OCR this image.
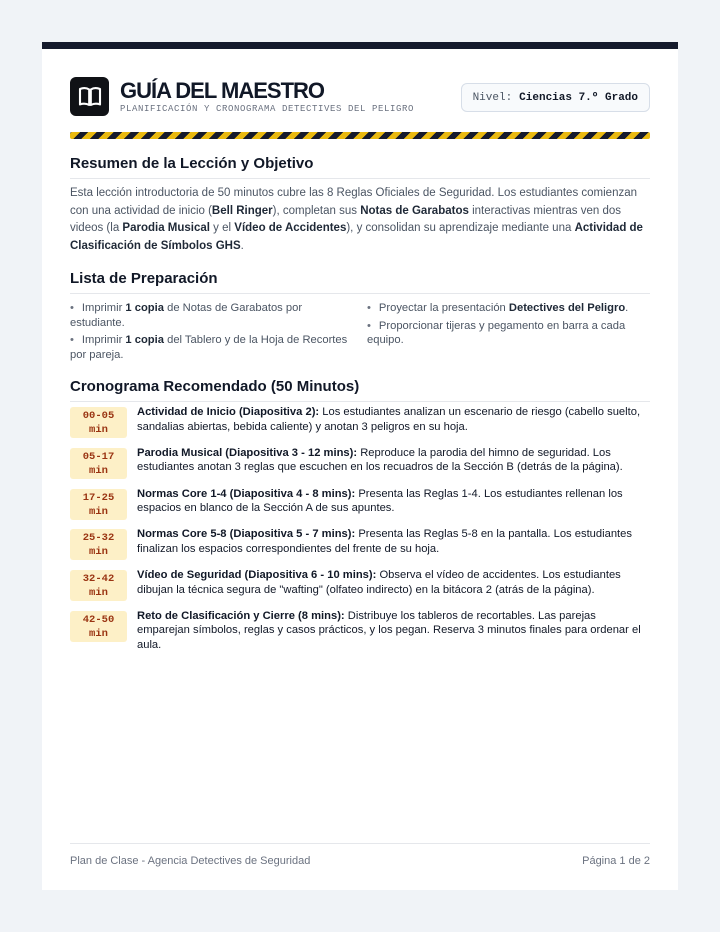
GUÍA DEL MAESTRO
PLANIFICACIÓN Y CRONOGRAMA DETECTIVES DEL PELIGRO
Nivel: Ciencias 7.º Grado
Resumen de la Lección y Objetivo

Esta lección introductoria de 50 minutos cubre las 8 Reglas Oficiales de Seguridad. Los estudiantes comienzan con una actividad de inicio (Bell Ringer), completan sus Notas de Garabatos interactivas mientras ven dos videos (la Parodia Musical y el Vídeo de Accidentes), y consolidan su aprendizaje mediante una Actividad de Clasificación de Símbolos GHS.

Lista de Preparación
• Imprimir 1 copia de Notas de Garabatos por estudiante.
• Imprimir 1 copia del Tablero y de la Hoja de Recortes por pareja.
• Proyectar la presentación Detectives del Peligro.
• Proporcionar tijeras y pegamento en barra a cada equipo.
Cronograma Recomendado (50 Minutos)
00-05
min
Actividad de Inicio (Diapositiva 2): Los estudiantes analizan un escenario de riesgo (cabello suelto, sandalias abiertas, bebida caliente) y anotan 3 peligros en su hoja.
05-17
min
Parodia Musical (Diapositiva 3 - 12 mins): Reproduce la parodia del himno de seguridad. Los estudiantes anotan 3 reglas que escuchen en los recuadros de la Sección B (detrás de la página).
17-25
min
Normas Core 1-4 (Diapositiva 4 - 8 mins): Presenta las Reglas 1-4. Los estudiantes rellenan los espacios en blanco de la Sección A de sus apuntes.
25-32
min
Normas Core 5-8 (Diapositiva 5 - 7 mins): Presenta las Reglas 5-8 en la pantalla. Los estudiantes finalizan los espacios correspondientes del frente de su hoja.
32-42
min
Vídeo de Seguridad (Diapositiva 6 - 10 mins): Observa el vídeo de accidentes. Los estudiantes dibujan la técnica segura de "wafting" (olfateo indirecto) en la bitácora 2 (atrás de la página).
42-50
min
Reto de Clasificación y Cierre (8 mins): Distribuye los tableros de recortables. Las parejas emparejan símbolos, reglas y casos prácticos, y los pegan. Reserva 3 minutos finales para ordenar el aula.
Plan de Clase - Agencia Detectives de Seguridad	Página 1 de 2
